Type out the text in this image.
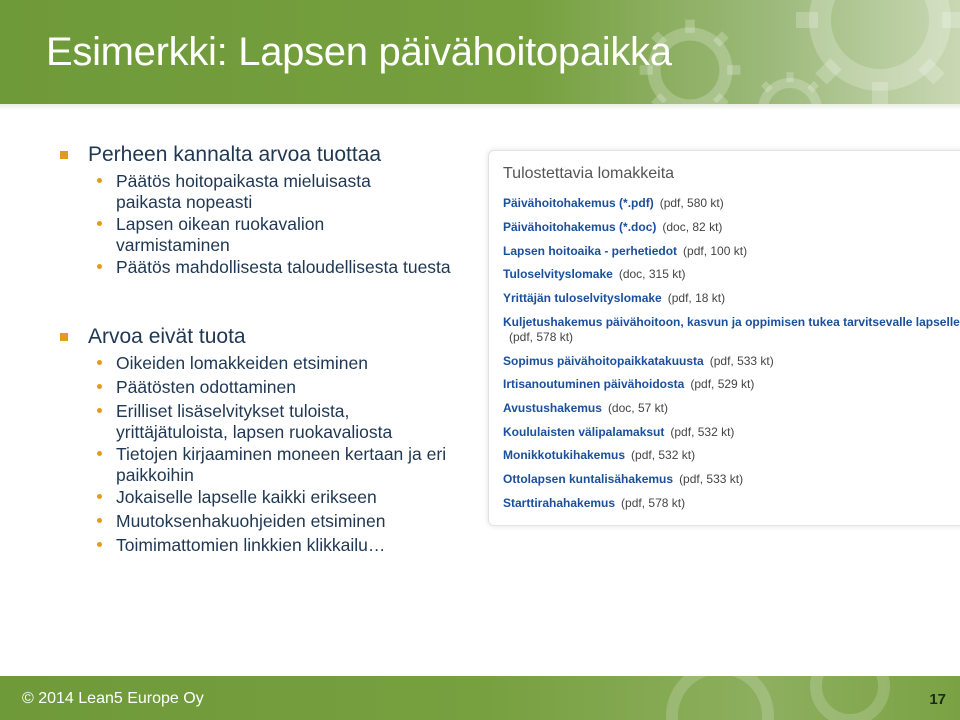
Esimerkki: Lapsen päivähoitopaikka
Perheen kannalta arvoa tuottaa
Päätös hoitopaikasta mieluisasta paikasta nopeasti
Lapsen oikean ruokavalion varmistaminen
Päätös mahdollisesta taloudellisesta tuesta
Arvoa eivät tuota
Oikeiden lomakkeiden etsiminen
Päätösten odottaminen
Erilliset lisäselvitykset tuloista, yrittäjätuloista, lapsen ruokavaliosta
Tietojen kirjaaminen moneen kertaan ja eri paikkoihin
Jokaiselle lapselle kaikki erikseen
Muutoksenhakuohjeiden etsiminen
Toimimattomien linkkien klikkailu…
Tulostettavia lomakkeita
Päivähoitohakemus (*.pdf) (pdf, 580 kt)
Päivähoitohakemus (*.doc) (doc, 82 kt)
Lapsen hoitoaika - perhetiedot (pdf, 100 kt)
Tuloselvityslomake (doc, 315 kt)
Yrittäjän tuloselvityslomake (pdf, 18 kt)
Kuljetushakemus päivähoitoon, kasvun ja oppimisen tukea tarvitsevalle lapselle
(pdf, 578 kt)
Sopimus päivähoitopaikkatakuusta (pdf, 533 kt)
Irtisanoutuminen päivähoidosta (pdf, 529 kt)
Avustushakemus (doc, 57 kt)
Koululaisten välipalamaksut (pdf, 532 kt)
Monikkotukihakemus (pdf, 532 kt)
Ottolapsen kuntalisähakemus (pdf, 533 kt)
Starttirahahakemus (pdf, 578 kt)
© 2014 Lean5 Europe Oy	17
